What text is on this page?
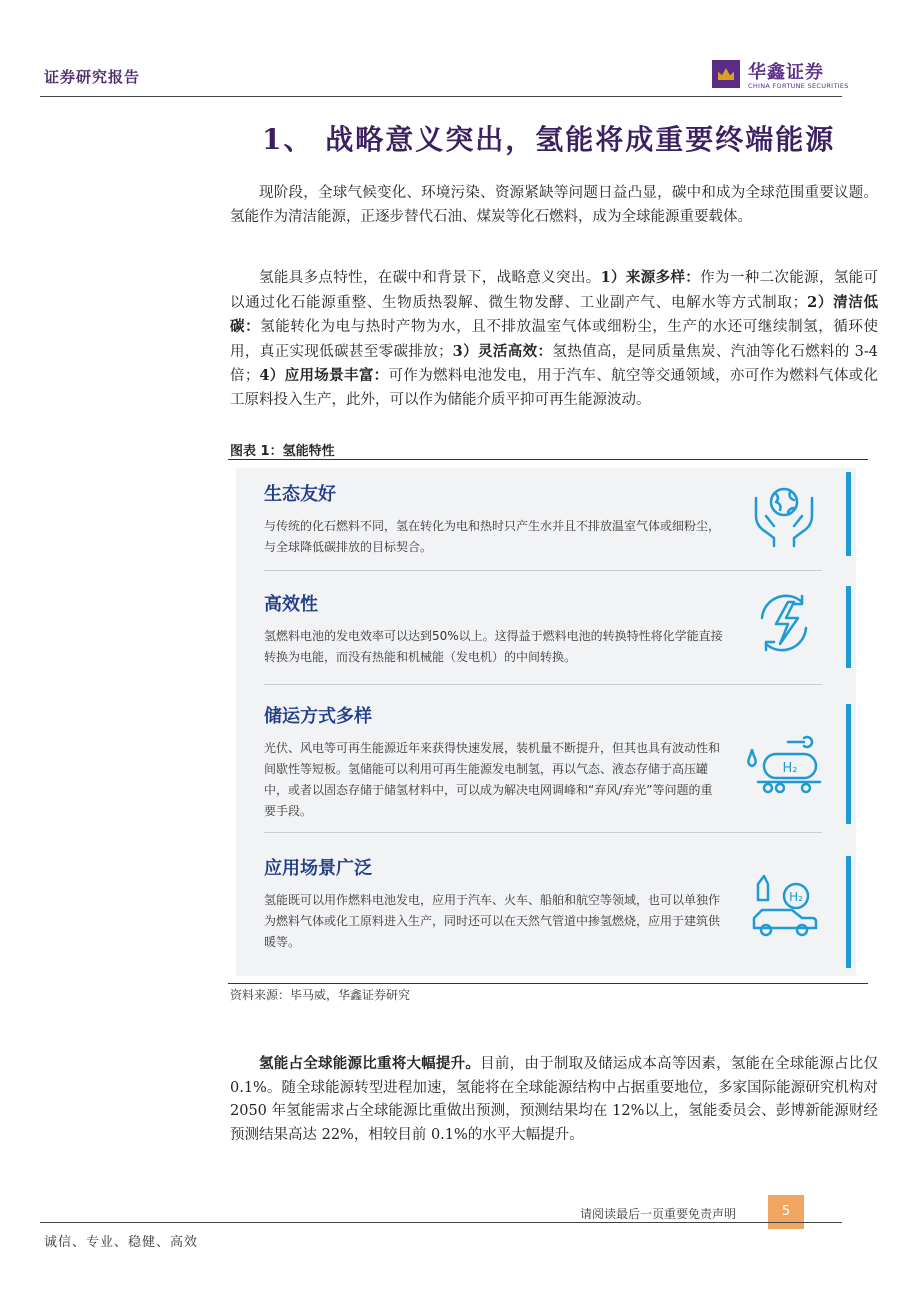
证券研究报告	华鑫证券
CHINA FORTUNE SECURITIES
1、 战略意义突出，氢能将成重要终端能源

现阶段，全球气候变化、环境污染、资源紧缺等问题日益凸显，碳中和成为全球范围重要议题。氢能作为清洁能源，正逐步替代石油、煤炭等化石燃料，成为全球能源重要载体。

氢能具多点特性，在碳中和背景下，战略意义突出。1）来源多样：作为一种二次能源，氢能可以通过化石能源重整、生物质热裂解、微生物发酵、工业副产气、电解水等方式制取；2）清洁低碳：氢能转化为电与热时产物为水，且不排放温室气体或细粉尘，生产的水还可继续制氢，循环使用，真正实现低碳甚至零碳排放；3）灵活高效：氢热值高，是同质量焦炭、汽油等化石燃料的 3-4 倍；4）应用场景丰富：可作为燃料电池发电，用于汽车、航空等交通领域，亦可作为燃料气体或化工原料投入生产，此外，可以作为储能介质平抑可再生能源波动。

图表 1：氢能特性
生态友好

与传统的化石燃料不同，氢在转化为电和热时只产生水并且不排放温室气体或细粉尘，与全球降低碳排放的目标契合。

高效性

氢燃料电池的发电效率可以达到50%以上。这得益于燃料电池的转换特性将化学能直接转换为电能，而没有热能和机械能（发电机）的中间转换。

储运方式多样

光伏、风电等可再生能源近年来获得快速发展，装机量不断提升，但其也具有波动性和间歇性等短板。氢储能可以利用可再生能源发电制氢，再以气态、液态存储于高压罐中，或者以固态存储于储氢材料中，可以成为解决电网调峰和“弃风/弃光”等问题的重要手段。

H₂
应用场景广泛

氢能既可以用作燃料电池发电，应用于汽车、火车、船舶和航空等领域，也可以单独作为燃料气体或化工原料进入生产，同时还可以在天然气管道中掺氢燃烧，应用于建筑供暖等。

H₂
资料来源：毕马威，华鑫证券研究

氢能占全球能源比重将大幅提升。目前，由于制取及储运成本高等因素，氢能在全球能源占比仅 0.1%。随全球能源转型进程加速，氢能将在全球能源结构中占据重要地位，多家国际能源研究机构对 2050 年氢能需求占全球能源比重做出预测，预测结果均在 12%以上，氢能委员会、彭博新能源财经预测结果高达 22%，相较目前 0.1%的水平大幅提升。

请阅读最后一页重要免责声明	5
诚信、专业、稳健、高效
